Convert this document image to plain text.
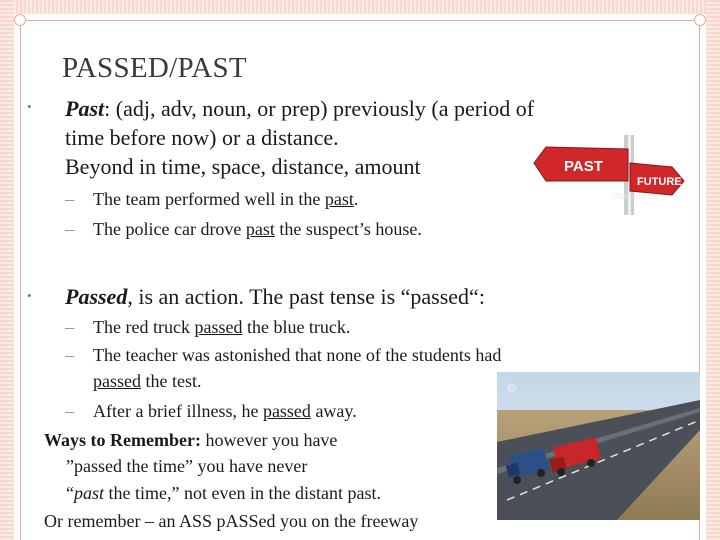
PASSED/PAST
• Past: (adj, adv, noun, or prep) previously (a period of
time before now) or a distance.
Beyond in time, space, distance, amount
– The team performed well in the past.
– The police car drove past the suspect’s house.
PAST
FUTURE
iStockphoto
• Passed, is an action. The past tense is “passed“:
– The red truck passed the blue truck.
– The teacher was astonished that none of the students had
passed the test.
– After a brief illness, he passed away.
Ways to Remember: however you have
”passed the time” you have never
“past the time,” not even in the distant past.
Or remember – an ASS pASSed you on the freeway
©
